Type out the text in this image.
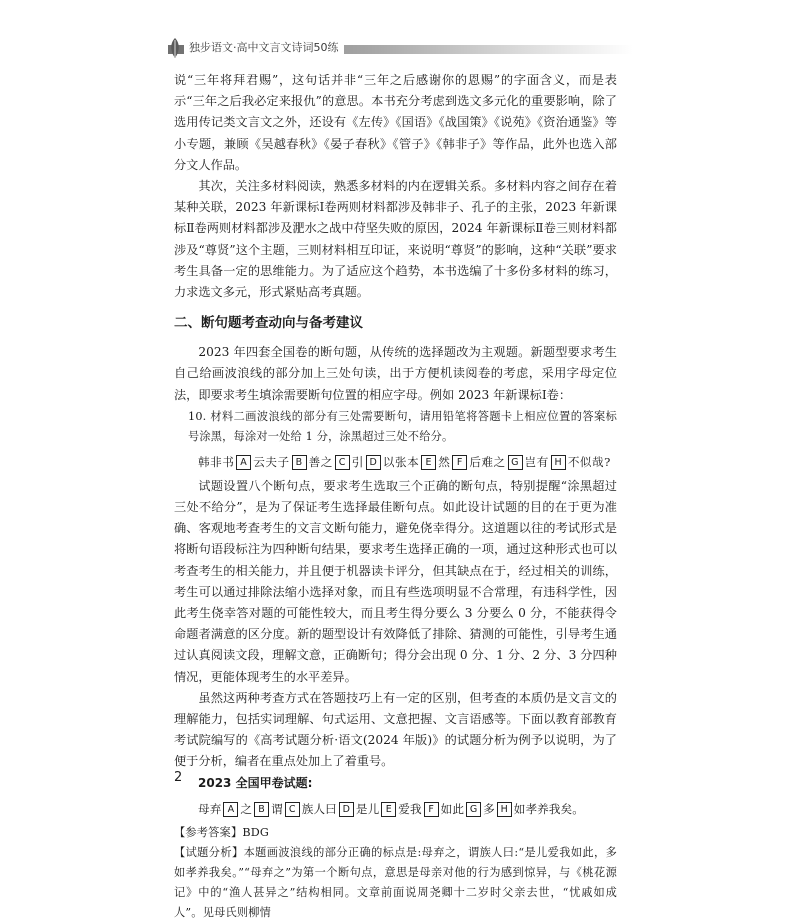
独步语文·高中文言文诗词50练

说“三年将拜君赐”，这句话并非“三年之后感谢你的恩赐”的字面含义，而是表示“三年之后我必定来报仇”的意思。本书充分考虑到选文多元化的重要影响，除了选用传记类文言文之外，还设有《左传》《国语》《战国策》《说苑》《资治通鉴》等小专题，兼顾《吴越春秋》《晏子春秋》《管子》《韩非子》等作品，此外也选入部分文人作品。

其次，关注多材料阅读，熟悉多材料的内在逻辑关系。多材料内容之间存在着某种关联，2023 年新课标Ⅰ卷两则材料都涉及韩非子、孔子的主张，2023 年新课标Ⅱ卷两则材料都涉及淝水之战中苻坚失败的原因，2024 年新课标Ⅱ卷三则材料都涉及“尊贤”这个主题，三则材料相互印证，来说明“尊贤”的影响，这种“关联”要求考生具备一定的思维能力。为了适应这个趋势，本书选编了十多份多材料的练习，力求选文多元，形式紧贴高考真题。

二、断句题考查动向与备考建议

2023 年四套全国卷的断句题，从传统的选择题改为主观题。新题型要求考生自己给画波浪线的部分加上三处句读，出于方便机读阅卷的考虑，采用字母定位法，即要求考生填涂需要断句位置的相应字母。例如 2023 年新课标Ⅰ卷：

10. 材料二画波浪线的部分有三处需要断句，请用铅笔将答题卡上相应位置的答案标号涂黑，每涂对一处给 1 分，涂黑超过三处不给分。

韩非书 A 云夫子 B 善之 C 引 D 以张本 E 然 F 后难之 G 岂有 H 不似哉?

试题设置八个断句点，要求考生选取三个正确的断句点，特别提醒“涂黑超过三处不给分”，是为了保证考生选择最佳断句点。如此设计试题的目的在于更为准确、客观地考查考生的文言文断句能力，避免侥幸得分。这道题以往的考试形式是将断句语段标注为四种断句结果，要求考生选择正确的一项，通过这种形式也可以考查考生的相关能力，并且便于机器读卡评分，但其缺点在于，经过相关的训练，考生可以通过排除法缩小选择对象，而且有些选项明显不合常理，有违科学性，因此考生侥幸答对题的可能性较大，而且考生得分要么 3 分要么 0 分，不能获得令命题者满意的区分度。新的题型设计有效降低了排除、猜测的可能性，引导考生通过认真阅读文段，理解文意，正确断句；得分会出现 0 分、1 分、2 分、3 分四种情况，更能体现考生的水平差异。

虽然这两种考查方式在答题技巧上有一定的区别，但考查的本质仍是文言文的理解能力，包括实词理解、句式运用、文意把握、文言语感等。下面以教育部教育考试院编写的《高考试题分析·语文(2024 年版)》的试题分析为例予以说明，为了便于分析，编者在重点处加上了着重号。

2023 全国甲卷试题:

母弃 A 之 B 谓 C 族人曰 D 是儿 E 爱我 F 如此 G 多 H 如孝养我矣。

【参考答案】BDG

【试题分析】本题画波浪线的部分正确的标点是:母弃之，谓族人曰:“是儿爱我如此，多如孝养我矣。”“母弃之”为第一个断句点，意思是母亲对他的行为感到惊异，与《桃花源记》中的“渔人甚异之”结构相同。文章前面说周尧卿十二岁时父亲去世，“忧戚如成人”。见母氏则柳情

2
